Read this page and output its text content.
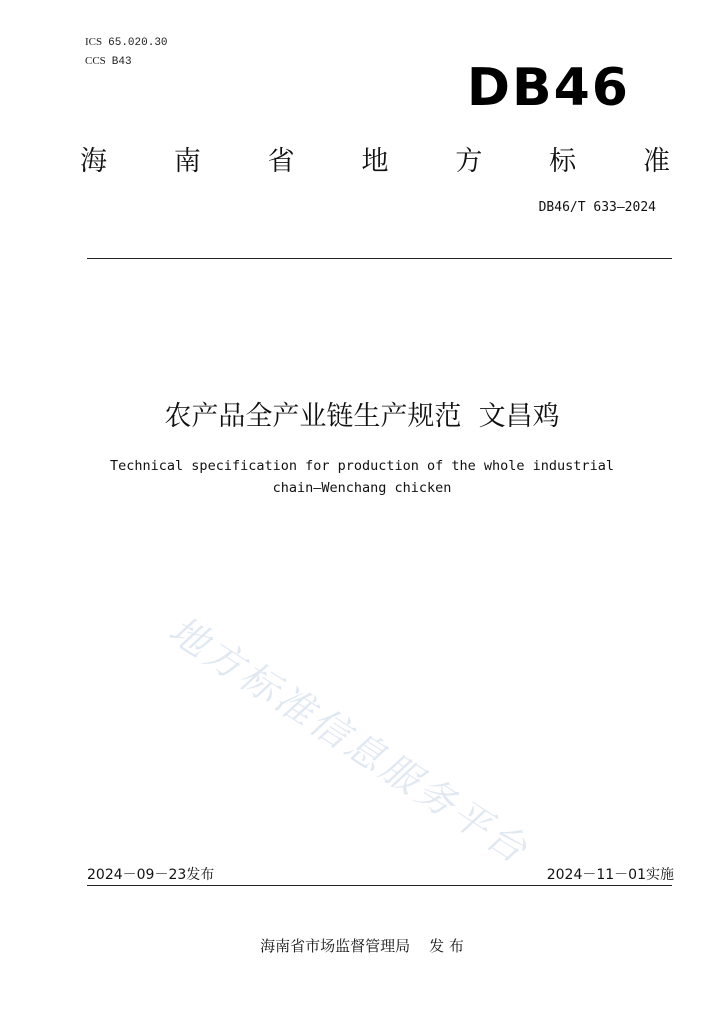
ICS 65.020.30
CCS B43	DB46
海 南 省 地 方 标 准
DB46/T 633—2024
农产品全产业链生产规范  文昌鸡
Technical specification for production of the whole industrial
chain—Wenchang chicken
地方标准信息服务平台
2024－09－23发布	2024－11－01实施
海南省市场监督管理局    发 布
